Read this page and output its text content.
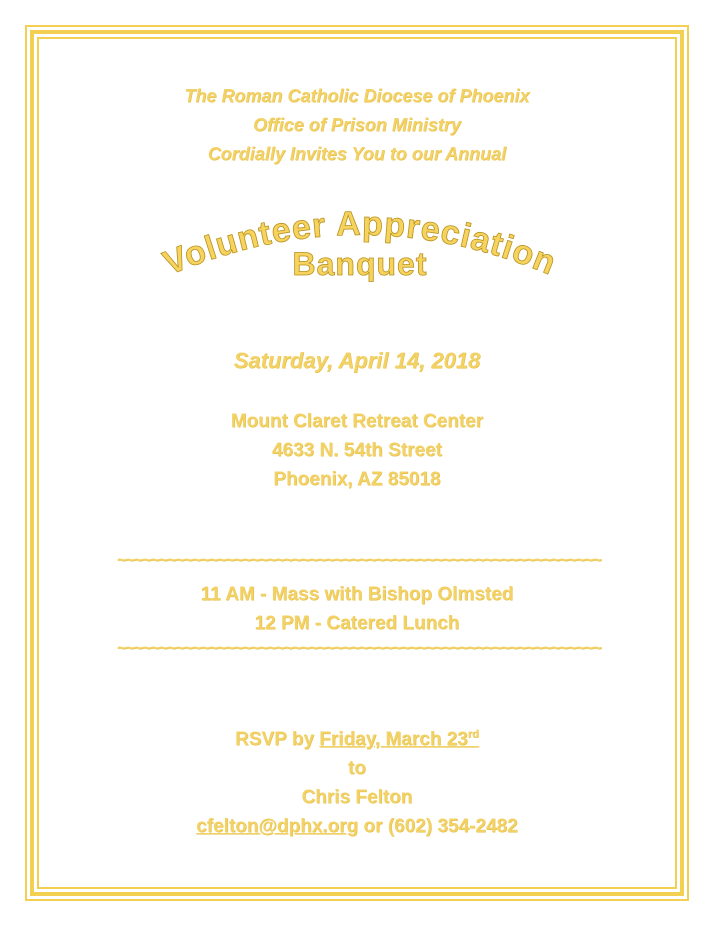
The Roman Catholic Diocese of Phoenix
Office of Prison Ministry
Cordially Invites You to our Annual
Volunteer Appreciation
Banquet
Saturday, April 14, 2018
Mount Claret Retreat Center
4633 N. 54th Street
Phoenix, AZ 85018
~~~~~~~~~~~~~~~~~~~~~~~~~~~~~~~~~~~~~~~~~~~~~~~~~~~~~~~~~~
11 AM - Mass with Bishop Olmsted
12 PM - Catered Lunch
~~~~~~~~~~~~~~~~~~~~~~~~~~~~~~~~~~~~~~~~~~~~~~~~~~~~~~~~~~
RSVP by Friday, March 23rd
to
Chris Felton
cfelton@dphx.org or (602) 354-2482
